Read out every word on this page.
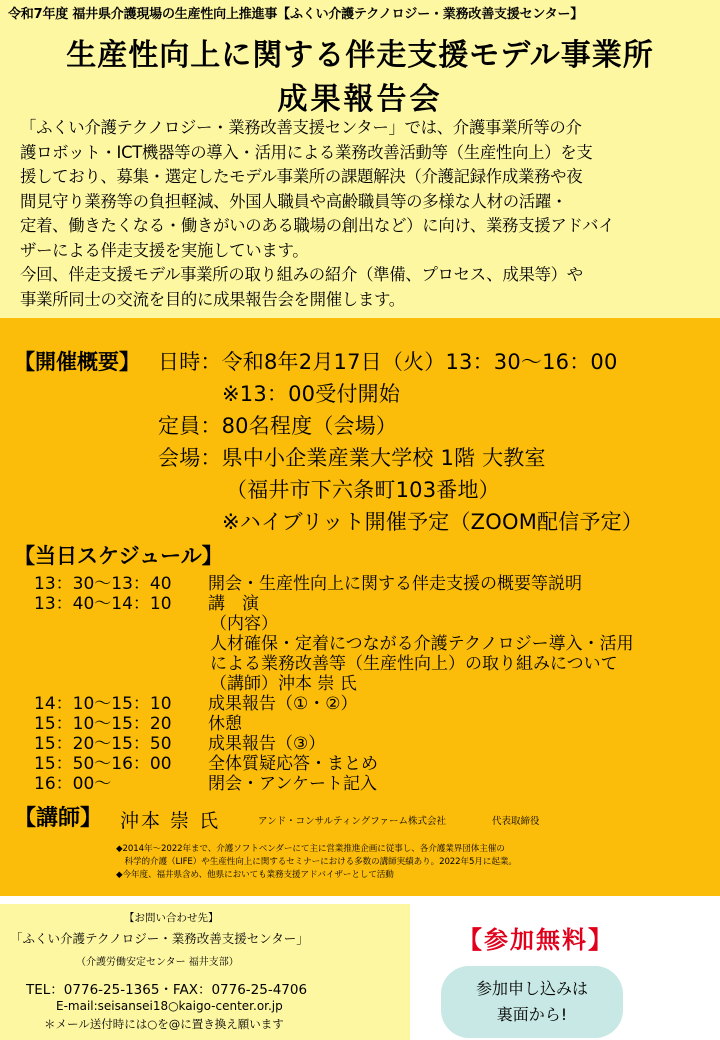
令和7年度 福井県介護現場の生産性向上推進事【ふくい介護テクノロジー・業務改善支援センター】
生産性向上に関する伴走支援モデル事業所
成果報告会

「ふくい介護テクノロジー・業務改善支援センター」では、介護事業所等の介

護ロボット・ICT機器等の導入・活用による業務改善活動等（生産性向上）を支

援しており、募集・選定したモデル事業所の課題解決（介護記録作成業務や夜

間見守り業務等の負担軽減、外国人職員や高齢職員等の多様な人材の活躍・

定着、働きたくなる・働きがいのある職場の創出など）に向け、業務支援アドバイ

ザーによる伴走支援を実施しています。

今回、伴走支援モデル事業所の取り組みの紹介（準備、プロセス、成果等）や

事業所同士の交流を目的に成果報告会を開催します。

【開催概要】 日時：令和8年2月17日（火）13：30～16：00
※13：00受付開始
定員：80名程度（会場）
会場：県中小企業産業大学校 1階 大教室
（福井市下六条町103番地）
※ハイブリット開催予定（ZOOM配信予定）
【当日スケジュール】
13：30～13：40 開会・生産性向上に関する伴走支援の概要等説明
13：40～14：10 講　演
（内容）
人材確保・定着につながる介護テクノロジー導入・活用
による業務改善等（生産性向上）の取り組みについて
（講師）沖本 崇 氏
14：10～15：10 成果報告（①・②）
15：10～15：20 休憩
15：20～15：50 成果報告（③）
15：50～16：00 全体質疑応答・まとめ
16：00～	閉会・アンケート記入
【講師】 沖本 崇 氏	アンド・コンサルティングファーム株式会社	代表取締役
◆2014年～2022年まで、介護ソフトベンダーにて主に営業推進企画に従事し、各介護業界団体主催の
　科学的介護（LIFE）や生産性向上に関するセミナーにおける多数の講師実績あり。2022年5月に起業。
◆今年度、福井県含め、他県においても業務支援アドバイザーとして活動
【お問い合わせ先】
「ふくい介護テクノロジー・業務改善支援センター」
（介護労働安定センター 福井支部）
TEL：0776-25-1365・FAX：0776-25-4706
E-mail:seisansei18○kaigo-center.or.jp
＊メール送付時には○を@に置き換え願います
【参加無料】
参加申し込みは
裏面から!
